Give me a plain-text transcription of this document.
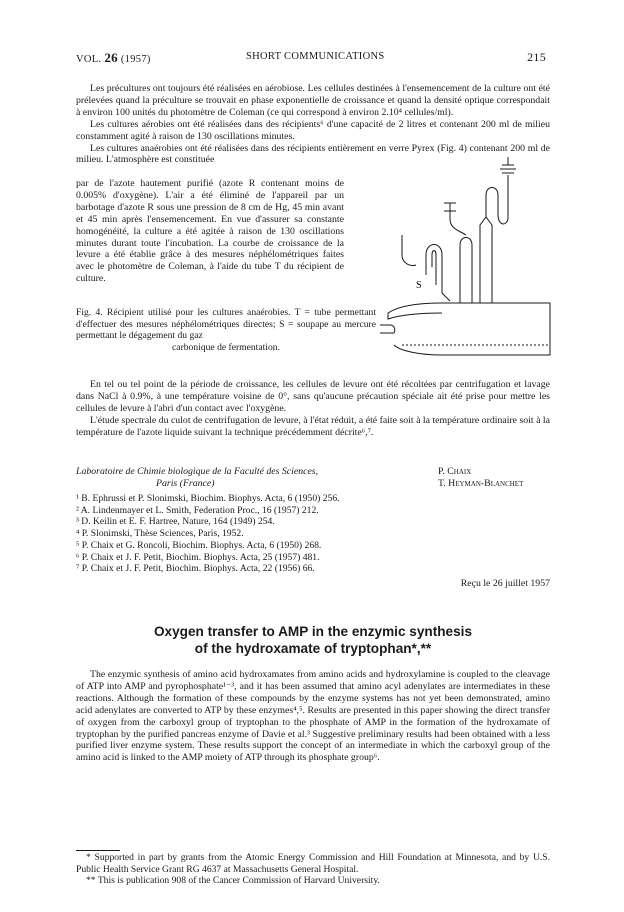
VOL. 26 (1957)	SHORT COMMUNICATIONS	215

Les précultures ont toujours été réalisées en aérobiose. Les cellules destinées à l'ensemencement de la culture ont été prélevées quand la préculture se trouvait en phase exponentielle de croissance et quand la densité optique correspondait à environ 100 unités du photomètre de Coleman (ce qui correspond à environ 2.10⁴ cellules/ml).

Les cultures aérobies ont été réalisées dans des récipients⁶ d'une capacité de 2 litres et contenant 200 ml de milieu constamment agité à raison de 130 oscillations minutes.

Les cultures anaérobies ont été réalisées dans des récipients entièrement en verre Pyrex (Fig. 4) contenant 200 ml de milieu. L'atmosphère est constituée

par de l'azote hautement purifié (azote R contenant moins de 0.005% d'oxygène). L'air a été éliminé de l'appareil par un barbotage d'azote R sous une pression de 8 cm de Hg, 45 min avant et 45 min après l'ensemencement. En vue d'assurer sa constante homogénéité, la culture a été agitée à raison de 130 oscillations minutes durant toute l'incubation. La courbe de croissance de la levure a été établie grâce à des mesures néphélométriques faites avec le photomètre de Coleman, à l'aide du tube T du récipient de culture.
S
Fig. 4. Récipient utilisé pour les cultures anaérobies. T = tube permettant d'effectuer des mesures néphélométriques directes; S = soupape au mercure permettant le dégagement du gaz
carbonique de fermentation.

En tel ou tel point de la période de croissance, les cellules de levure ont été récoltées par centrifugation et lavage dans NaCl à 0.9%, à une température voisine de 0°, sans qu'aucune précaution spéciale ait été prise pour mettre les cellules de levure à l'abri d'un contact avec l'oxygène.

L'étude spectrale du culot de centrifugation de levure, à l'état réduit, a été faite soit à la température ordinaire soit à la température de l'azote liquide suivant la technique précédemment décrite⁶,⁷.

Laboratoire de Chimie biologique de la Faculté des Sciences,
Paris (France)
P. Chaix
T. Heyman-Blanchet
¹ B. Ephrussi et P. Slonimski, Biochim. Biophys. Acta, 6 (1950) 256.
² A. Lindenmayer et L. Smith, Federation Proc., 16 (1957) 212.
³ D. Keilin et E. F. Hartree, Nature, 164 (1949) 254.
⁴ P. Slonimski, Thèse Sciences, Paris, 1952.
⁵ P. Chaix et G. Roncoli, Biochim. Biophys. Acta, 6 (1950) 268.
⁶ P. Chaix et J. F. Petit, Biochim. Biophys. Acta, 25 (1957) 481.
⁷ P. Chaix et J. F. Petit, Biochim. Biophys. Acta, 22 (1956) 66.
Reçu le 26 juillet 1957
Oxygen transfer to AMP in the enzymic synthesis
of the hydroxamate of tryptophan*,**

The enzymic synthesis of amino acid hydroxamates from amino acids and hydroxylamine is coupled to the cleavage of ATP into AMP and pyrophosphate¹⁻³, and it has been assumed that amino acyl adenylates are intermediates in these reactions. Although the formation of these compounds by the enzyme systems has not yet been demonstrated, amino acid adenylates are converted to ATP by these enzymes⁴,⁵. Results are presented in this paper showing the direct transfer of oxygen from the carboxyl group of tryptophan to the phosphate of AMP in the formation of the hydroxamate of tryptophan by the purified pancreas enzyme of Davie et al.³ Suggestive preliminary results had been obtained with a less purified liver enzyme system. These results support the concept of an intermediate in which the carboxyl group of the amino acid is linked to the AMP moiety of ATP through its phosphate group⁶.

* Supported in part by grants from the Atomic Energy Commission and Hill Foundation at Minnesota, and by U.S. Public Health Service Grant RG 4637 at Massachusetts General Hospital.

** This is publication 908 of the Cancer Commission of Harvard University.
